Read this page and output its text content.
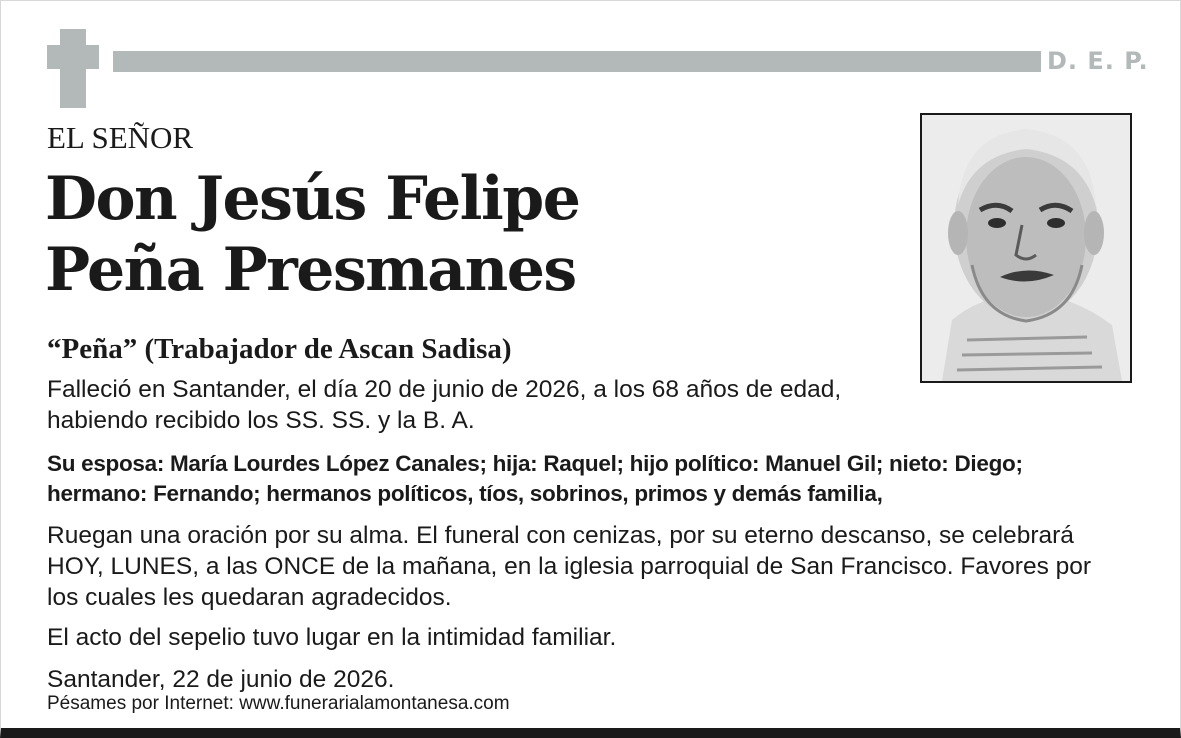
D. E. P.
EL SEÑOR
Don Jesús Felipe
Peña Presmanes
“Peña” (Trabajador de Ascan Sadisa)
Falleció en Santander, el día 20 de junio de 2026, a los 68 años de edad,
habiendo recibido los SS. SS. y la B. A.
Su esposa: María Lourdes López Canales; hija: Raquel; hijo político: Manuel Gil; nieto: Diego;
hermano: Fernando; hermanos políticos, tíos, sobrinos, primos y demás familia,
Ruegan una oración por su alma. El funeral con cenizas, por su eterno descanso, se celebrará
HOY, LUNES, a las ONCE de la mañana, en la iglesia parroquial de San Francisco. Favores por
los cuales les quedaran agradecidos.
El acto del sepelio tuvo lugar en la intimidad familiar.
Santander, 22 de junio de 2026.
Pésames por Internet: www.funerarialamontanesa.com
